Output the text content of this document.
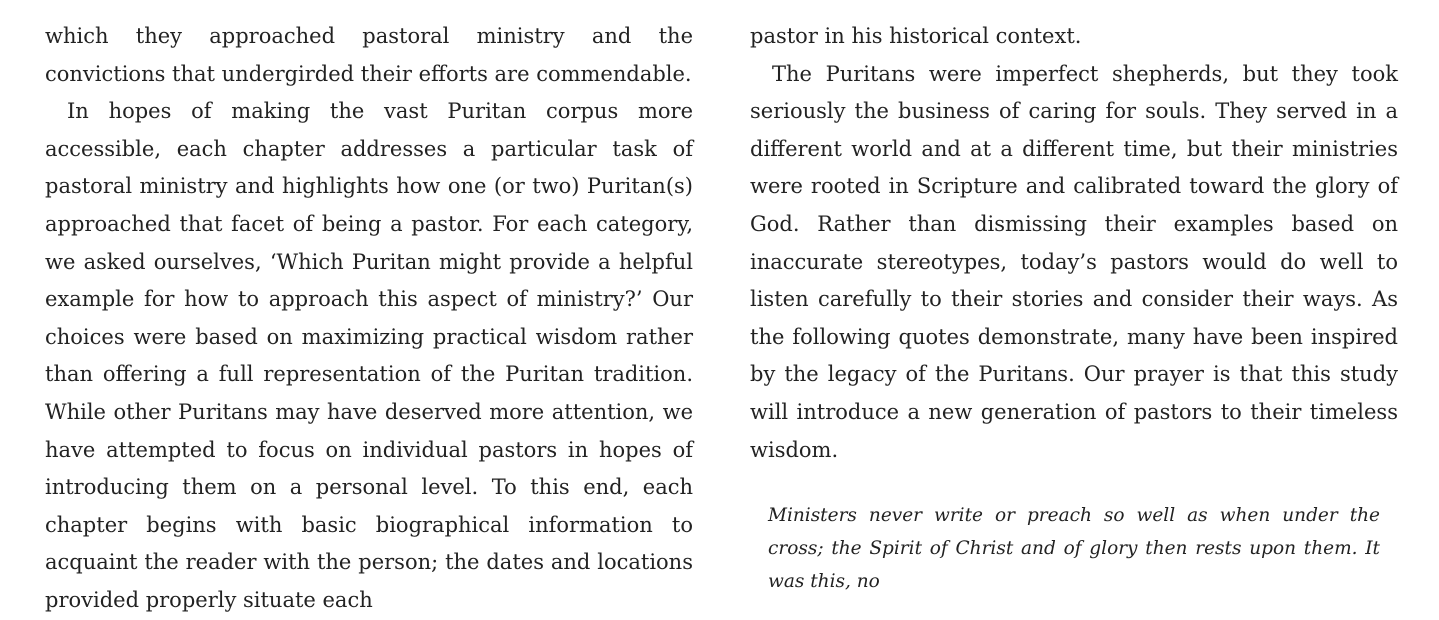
which they approached pastoral ministry and the convictions that undergirded their efforts are commendable.

In hopes of making the vast Puritan corpus more accessible, each chapter addresses a particular task of pastoral ministry and highlights how one (or two) Puritan(s) approached that facet of being a pastor. For each category, we asked ourselves, ‘Which Puritan might provide a helpful example for how to approach this aspect of ministry?’ Our choices were based on maximizing practical wisdom rather than offering a full representation of the Puritan tradition. While other Puritans may have deserved more attention, we have attempted to focus on individual pastors in hopes of introducing them on a personal level. To this end, each chapter begins with basic biographical information to acquaint the reader with the person; the dates and locations provided properly situate each

pastor in his historical context.

The Puritans were imperfect shepherds, but they took seriously the business of caring for souls. They served in a different world and at a different time, but their ministries were rooted in Scripture and calibrated toward the glory of God. Rather than dismissing their examples based on inaccurate stereotypes, today’s pastors would do well to listen carefully to their stories and consider their ways. As the following quotes demonstrate, many have been inspired by the legacy of the Puritans. Our prayer is that this study will introduce a new generation of pastors to their timeless wisdom.

Ministers never write or preach so well as when under the cross; the Spirit of Christ and of glory then rests upon them. It was this, no
